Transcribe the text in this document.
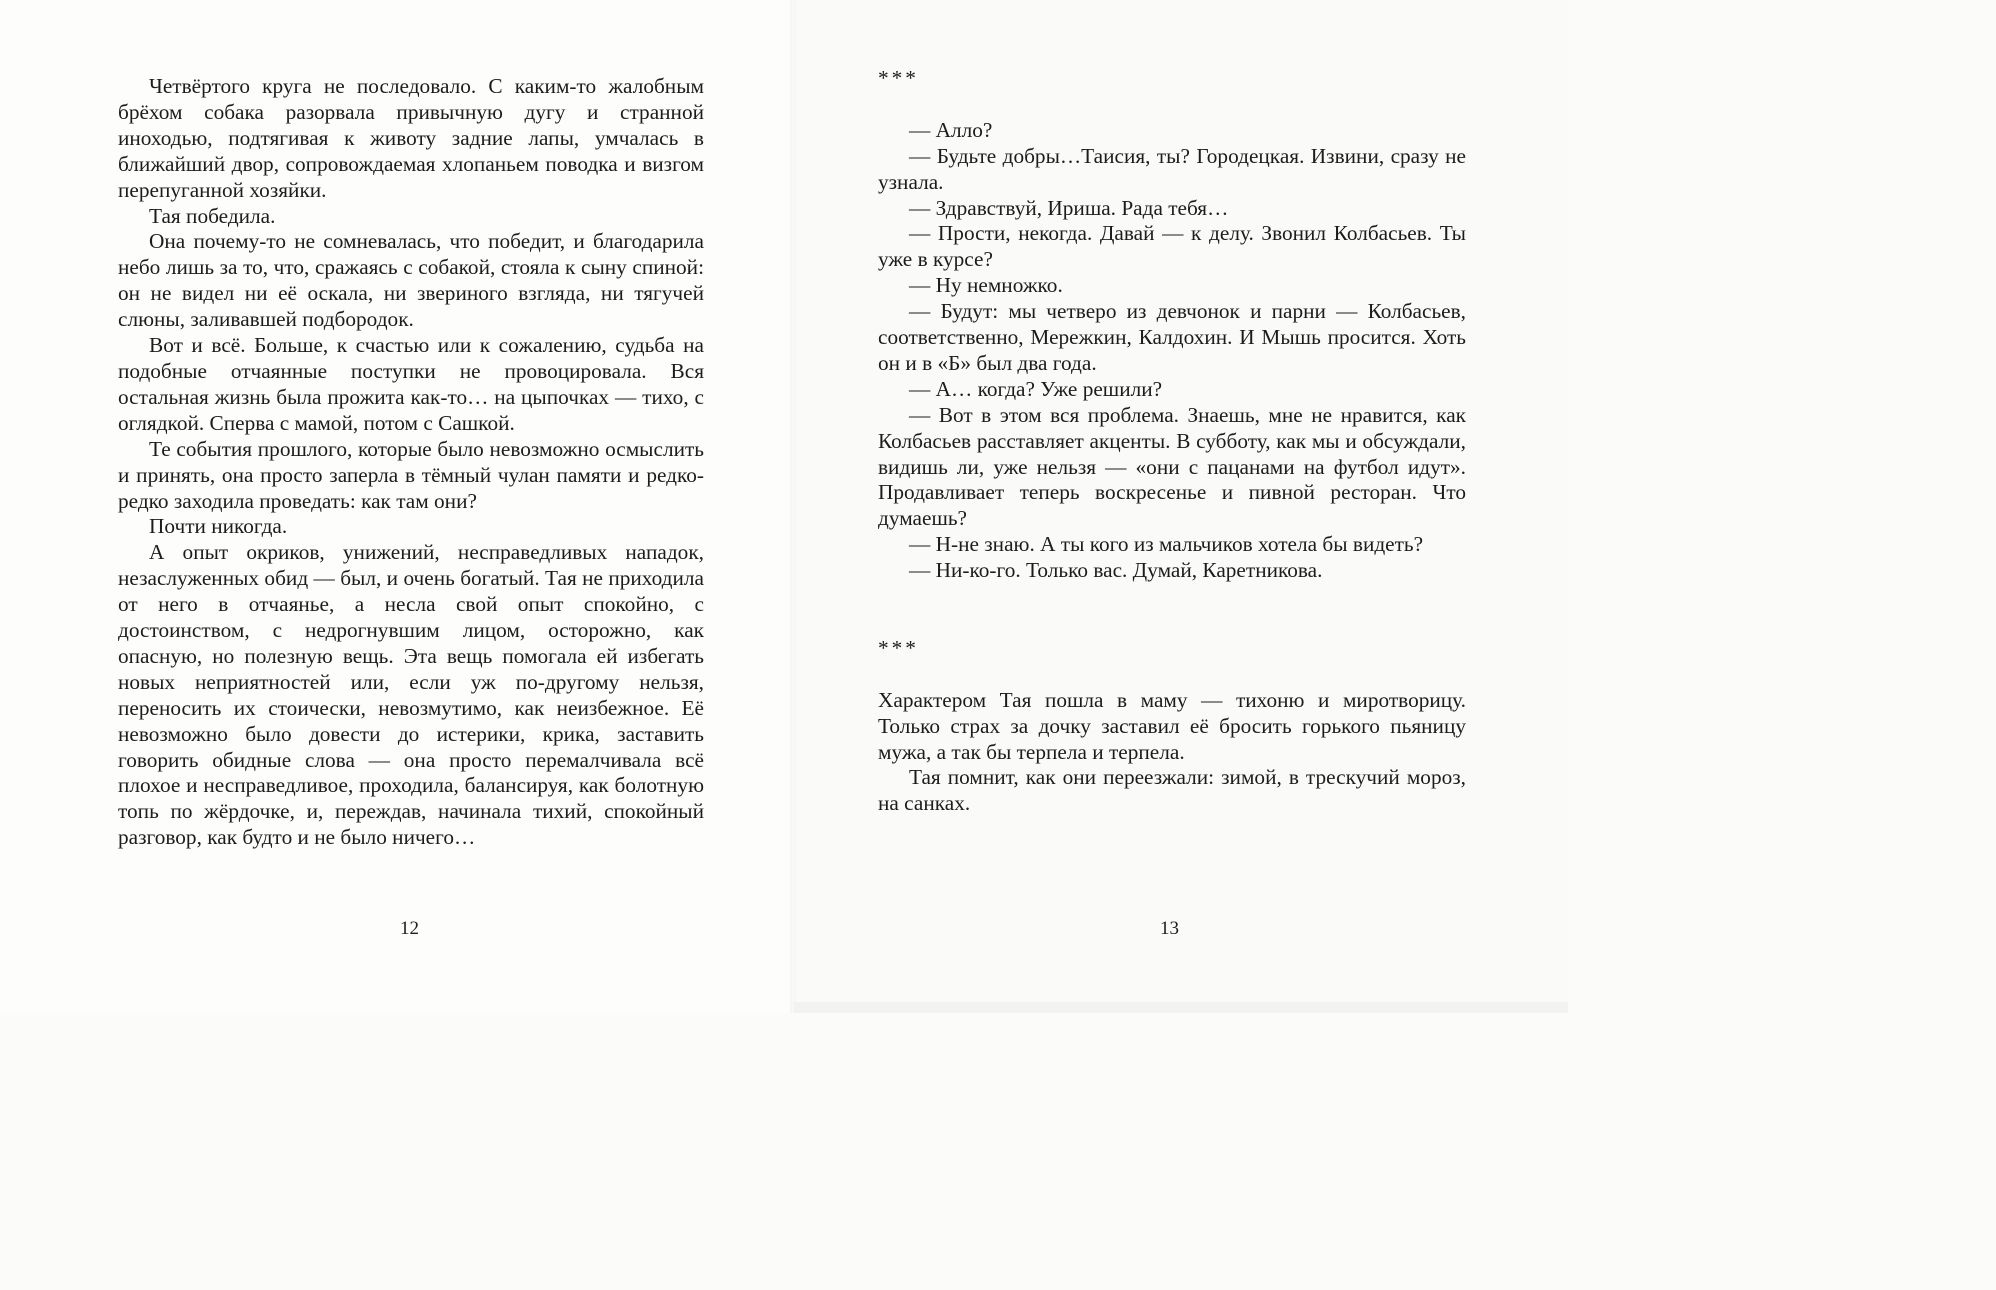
Четвёртого круга не последовало. С каким-то жалобным брёхом собака разорвала привычную дугу и странной иноходью, подтягивая к животу задние лапы, умчалась в ближайший двор, сопровождаемая хлопаньем поводка и визгом перепуганной хозяйки.

Тая победила.

Она почему-то не сомневалась, что победит, и благодарила небо лишь за то, что, сражаясь с собакой, стояла к сыну спиной: он не видел ни её оскала, ни звериного взгляда, ни тягучей слюны, заливавшей подбородок.

Вот и всё. Больше, к счастью или к сожалению, судьба на подобные отчаянные поступки не провоцировала. Вся остальная жизнь была прожита как-то… на цыпочках — тихо, с оглядкой. Сперва с мамой, потом с Сашкой.

Те события прошлого, которые было невозможно осмыслить и принять, она просто заперла в тёмный чулан памяти и редко-редко заходила проведать: как там они?

Почти никогда.

А опыт окриков, унижений, несправедливых нападок, незаслуженных обид — был, и очень богатый. Тая не приходила от него в отчаянье, а несла свой опыт спокойно, с достоинством, с недрогнувшим лицом, осторожно, как опасную, но полезную вещь. Эта вещь помогала ей избегать новых неприятностей или, если уж по-другому нельзя, переносить их стоически, невозмутимо, как неизбежное. Её невозможно было довести до истерики, крика, заставить говорить обидные слова — она просто перемалчивала всё плохое и несправедливое, проходила, балансируя, как болотную топь по жёрдочке, и, переждав, начинала тихий, спокойный разговор, как будто и не было ничего…

12

***

— Алло?

— Будьте добры…Таисия, ты? Городецкая. Извини, сразу не узнала.

— Здравствуй, Ириша. Рада тебя…

— Прости, некогда. Давай — к делу. Звонил Колбасьев. Ты уже в курсе?

— Ну немножко.

— Будут: мы четверо из девчонок и парни — Колбасьев, соответственно, Мережкин, Калдохин. И Мышь просится. Хоть он и в «Б» был два года.

— А… когда? Уже решили?

— Вот в этом вся проблема. Знаешь, мне не нравится, как Колбасьев расставляет акценты. В субботу, как мы и обсуждали, видишь ли, уже нельзя — «они с пацанами на футбол идут». Продавливает теперь воскресенье и пивной ресторан. Что думаешь?

— Н-не знаю. А ты кого из мальчиков хотела бы видеть?

— Ни-ко-го. Только вас. Думай, Каретникова.

***

Характером Тая пошла в маму — тихоню и миротворицу. Только страх за дочку заставил её бросить горького пьяницу мужа, а так бы терпела и терпела.

Тая помнит, как они переезжали: зимой, в трескучий мороз, на санках.

13
